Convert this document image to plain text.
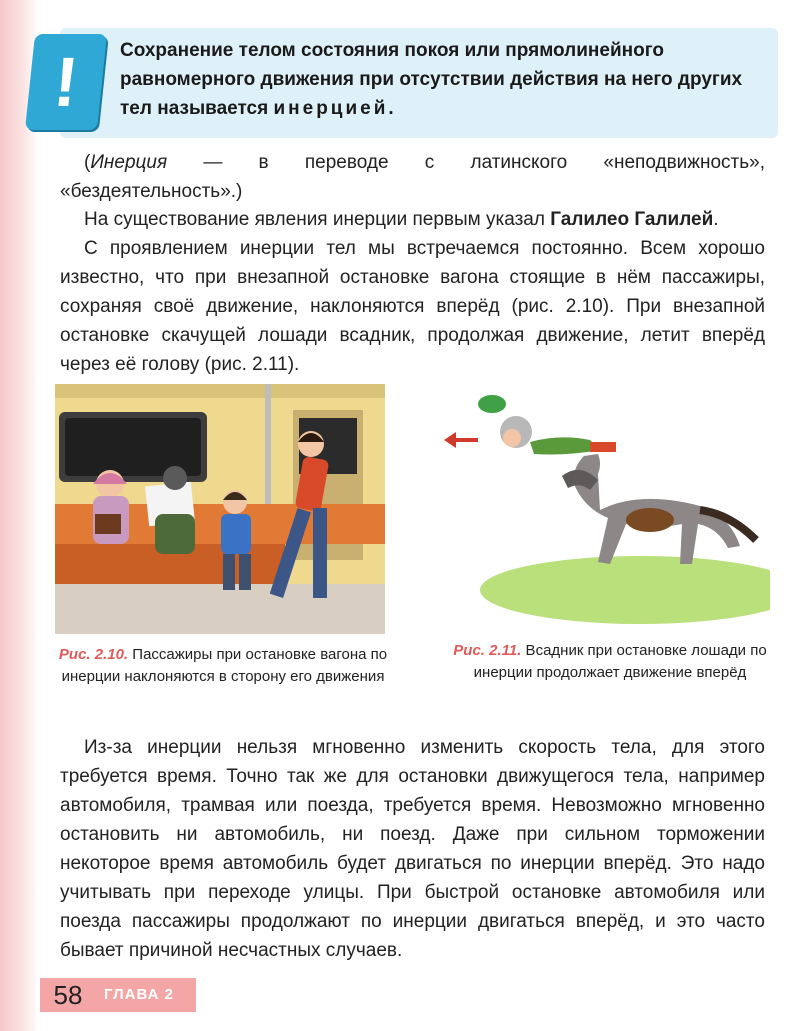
!	Сохранение телом состояния покоя или прямолинейного равномерного движения при отсутствии действия на него других тел называется инерцией.
(Инерция — в переводе с латинского «неподвижность», «бездеятельность».)
На существование явления инерции первым указал Галилео Галилей.
С проявлением инерции тел мы встречаемся постоянно. Всем хорошо известно, что при внезапной остановке вагона стоящие в нём пассажиры, сохраняя своё движение, наклоняются вперёд (рис. 2.10). При внезапной остановке скачущей лошади всадник, продолжая движение, летит вперёд через её голову (рис. 2.11).
Рис. 2.10. Пассажиры при остановке вагона по инерции наклоняются в сторону его движения
Рис. 2.11. Всадник при остановке лошади по инерции продолжает движение вперёд
Из-за инерции нельзя мгновенно изменить скорость тела, для этого требуется время. Точно так же для остановки движущегося тела, например автомобиля, трамвая или поезда, требуется время. Невозможно мгновенно остановить ни автомобиль, ни поезд. Даже при сильном торможении некоторое время автомобиль будет двигаться по инерции вперёд. Это надо учитывать при переходе улицы. При быстрой остановке автомобиля или поезда пассажиры продолжают по инерции двигаться вперёд, и это часто бывает причиной несчастных случаев.
58	ГЛАВА 2
